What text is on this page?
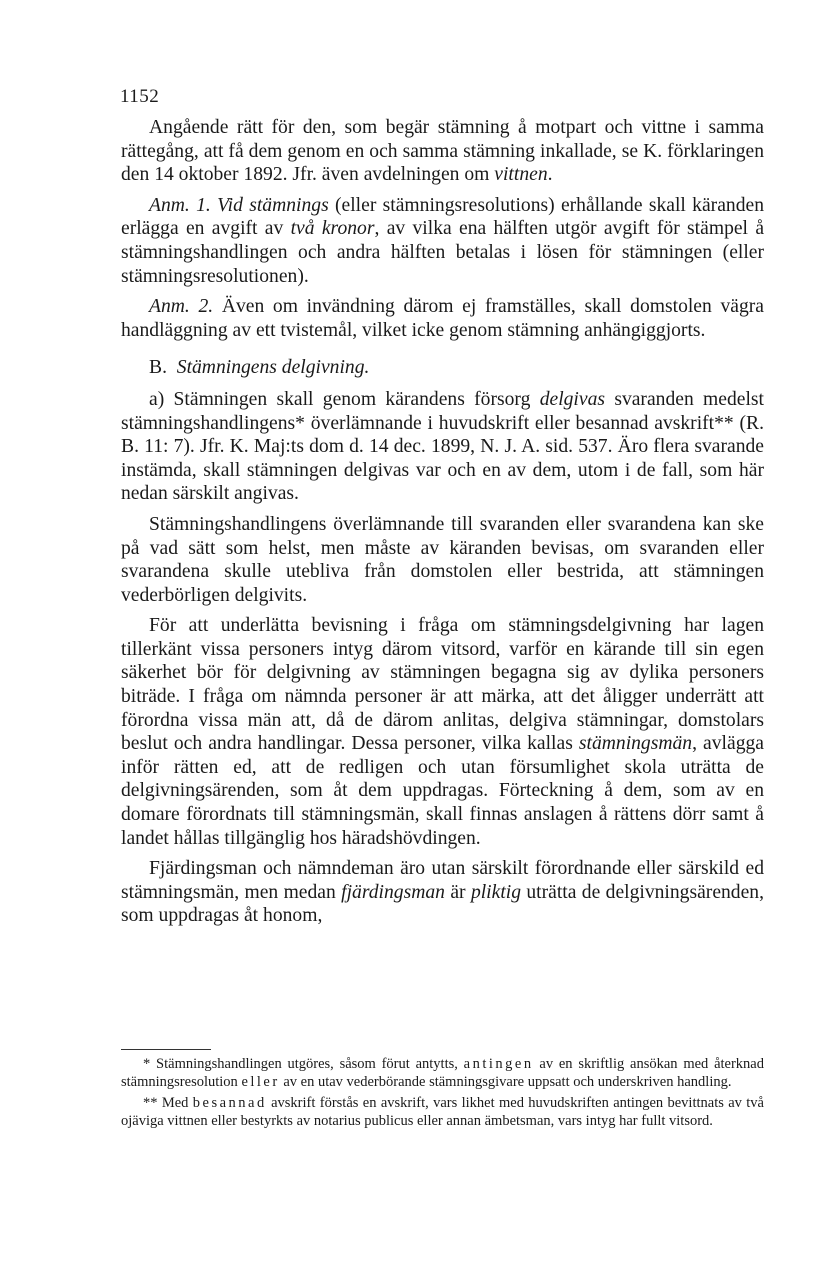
1152

Angående rätt för den, som begär stämning å motpart och vittne i samma rättegång, att få dem genom en och samma stämning inkallade, se K. förklaringen den 14 oktober 1892. Jfr. även avdelningen om vittnen.

Anm. 1. Vid stämnings (eller stämningsresolutions) erhållande skall käranden erlägga en avgift av två kronor, av vilka ena hälften utgör avgift för stämpel å stämningshandlingen och andra hälften betalas i lösen för stämningen (eller stämningsresolutionen).

Anm. 2. Även om invändning därom ej framställes, skall domstolen vägra handläggning av ett tvistemål, vilket icke genom stämning anhängiggjorts.

B. Stämningens delgivning.

a) Stämningen skall genom kärandens försorg delgivas svaranden medelst stämningshandlingens* överlämnande i huvudskrift eller besannad avskrift** (R. B. 11: 7). Jfr. K. Maj:ts dom d. 14 dec. 1899, N. J. A. sid. 537. Äro flera svarande instämda, skall stämningen delgivas var och en av dem, utom i de fall, som här nedan särskilt angivas.

Stämningshandlingens överlämnande till svaranden eller svarandena kan ske på vad sätt som helst, men måste av käranden bevisas, om svaranden eller svarandena skulle utebliva från domstolen eller bestrida, att stämningen vederbörligen delgivits.

För att underlätta bevisning i fråga om stämningsdelgivning har lagen tillerkänt vissa personers intyg därom vitsord, varför en kärande till sin egen säkerhet bör för delgivning av stämningen begagna sig av dylika personers biträde. I fråga om nämnda personer är att märka, att det åligger underrätt att förordna vissa män att, då de därom anlitas, delgiva stämningar, domstolars beslut och andra handlingar. Dessa personer, vilka kallas stämningsmän, avlägga inför rätten ed, att de redligen och utan försumlighet skola uträtta de delgivningsärenden, som åt dem uppdragas. Förteckning å dem, som av en domare förordnats till stämningsmän, skall finnas anslagen å rättens dörr samt å landet hållas tillgänglig hos häradshövdingen.

Fjärdingsman och nämndeman äro utan särskilt förordnande eller särskild ed stämningsmän, men medan fjärdingsman är pliktig uträtta de delgivningsärenden, som uppdragas åt honom,

* Stämningshandlingen utgöres, såsom förut antytts, antingen av en skriftlig ansökan med återknad stämningsresolution eller av en utav vederbörande stämningsgivare uppsatt och underskriven handling.

** Med besannad avskrift förstås en avskrift, vars likhet med huvudskriften antingen bevittnats av två ojäviga vittnen eller bestyrkts av notarius publicus eller annan ämbetsman, vars intyg har fullt vitsord.
